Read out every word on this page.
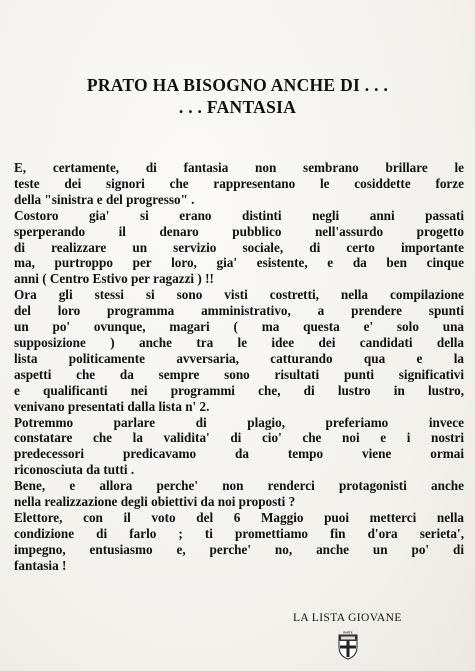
PRATO HA BISOGNO ANCHE DI . . .
. . . FANTASIA
E, certamente, di fantasia non sembrano brillare le
teste dei signori che rappresentano le cosiddette forze
della "sinistra e del progresso" .
Costoro gia' si erano distinti negli anni passati
sperperando il denaro pubblico nell'assurdo progetto
di realizzare un servizio sociale, di certo importante
ma, purtroppo per loro, gia' esistente, e da ben cinque
anni ( Centro Estivo per ragazzi ) !!
Ora gli stessi si sono visti costretti, nella compilazione
del loro programma amministrativo, a prendere spunti
un po' ovunque, magari ( ma questa e' solo una
supposizione ) anche tra le idee dei candidati della
lista politicamente avversaria, catturando qua e la
aspetti che da sempre sono risultati punti significativi
e qualificanti nei programmi che, di lustro in lustro,
venivano presentati dalla lista n' 2.
Potremmo parlare di plagio, preferiamo invece
constatare che la validita' di cio' che noi e i nostri
predecessori predicavamo da tempo viene ormai
riconosciuta da tutti .
Bene, e allora perche' non renderci protagonisti anche
nella realizzazione degli obiettivi da noi proposti ?
Elettore, con il voto del 6 Maggio puoi metterci nella
condizione di farlo ; ti promettiamo fin d'ora serieta',
impegno, entusiasmo e, perche' no, anche un po' di
fantasia !
LA LISTA GIOVANE
PARTE
